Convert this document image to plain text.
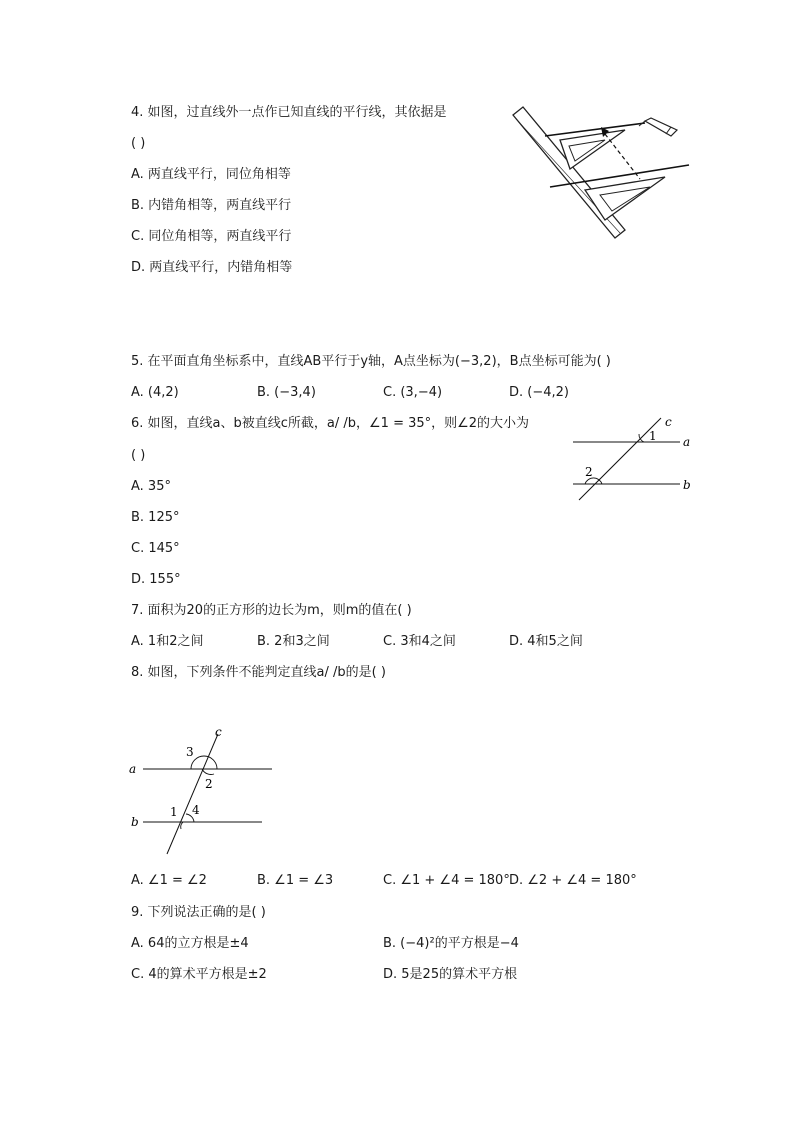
4. 如图，过直线外一点作已知直线的平行线，其依据是
( )
A. 两直线平行，同位角相等
B. 内错角相等，两直线平行
C. 同位角相等，两直线平行
D. 两直线平行，内错角相等
5. 在平面直角坐标系中，直线AB平行于y轴，A点坐标为(−3,2)，B点坐标可能为( )
A. (4,2)	B. (−3,4)	C. (3,−4)	D. (−4,2)
6. 如图，直线a、b被直线c所截，a/ /b，∠1 = 35°，则∠2的大小为
( )
A. 35°
B. 125°
C. 145°
D. 155°
c
a
b
1
2
7. 面积为20的正方形的边长为m，则m的值在( )
A. 1和2之间	B. 2和3之间	C. 3和4之间	D. 4和5之间
8. 如图，下列条件不能判定直线a/ /b的是( )
c
a
b
3
2
1 4
A. ∠1 = ∠2	B. ∠1 = ∠3	C. ∠1 + ∠4 = 180° D. ∠2 + ∠4 = 180°
9. 下列说法正确的是( )
A. 64的立方根是±4	B. (−4)²的平方根是−4
C. 4的算术平方根是±2	D. 5是25的算术平方根
